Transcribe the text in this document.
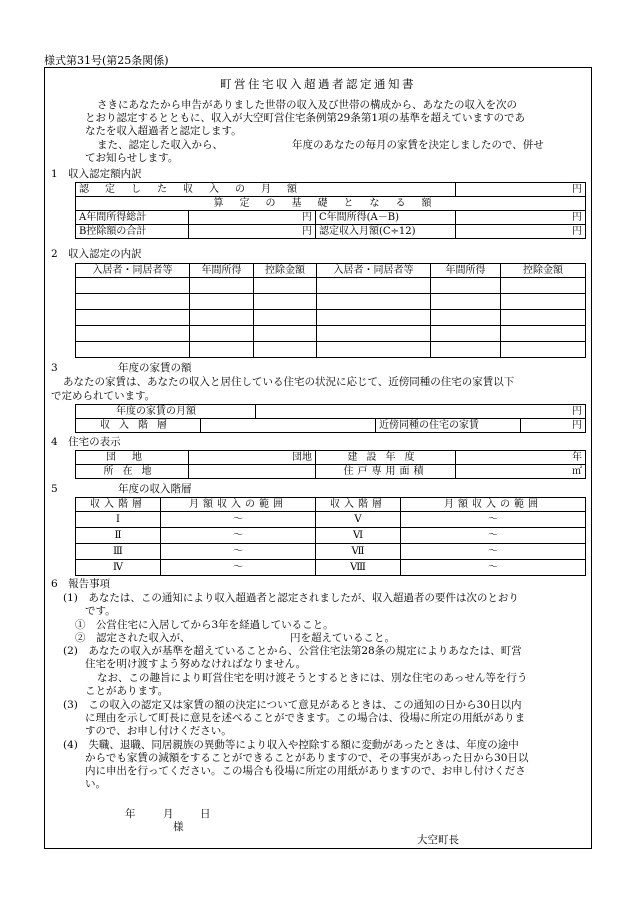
様式第31号(第25条関係)
町営住宅収入超過者認定通知書

さきにあなたから申告がありました世帯の収入及び世帯の構成から、あなたの収入を次の

とおり認定するとともに、収入が大空町営住宅条例第29条第1項の基準を超えていますのであ

なたを収入超過者と認定します。

また、認定した収入から、	年度のあなたの毎月の家賃を決定しましたので、併せ

てお知らせします。

1　収入認定額内訳
認定した収入の月額			円
算定の基礎となる額			
A年間所得総計	円	C年間所得(A－B)	円
B控除額の合計	円	認定収入月額(C÷12)	円
2　収入認定の内訳
入居者・同居者等	年間所得	控除金額	入居者・同居者等	年間所得	控除金額

3	年度の家賃の額

あなたの家賃は、あなたの収入と居住している住宅の状況に応じて、近傍同種の住宅の家賃以下

で定められています。

年度の家賃の月額		円		
収入階層			近傍同種の住宅の家賃	円
4　住宅の表示
団地	団地	建設年度	年
所在地		住戸専用面積	㎡
5	年度の収入階層
収入階層	月額収入の範囲	収入階層	月額収入の範囲
Ⅰ	～	Ⅴ	～
Ⅱ	～	Ⅵ	～
Ⅲ	～	Ⅶ	～
Ⅳ	～	Ⅷ	～
6　報告事項

(1)　あなたは、この通知により収入超過者と認定されましたが、収入超過者の要件は次のとおり

です。

①　公営住宅に入居してから3年を経過していること。

②　認定された収入が、	円を超えていること。

(2)　あなたの収入が基準を超えていることから、公営住宅法第28条の規定によりあなたは、町営

住宅を明け渡すよう努めなければなりません。

なお、この趣旨により町営住宅を明け渡そうとするときには、別な住宅のあっせん等を行う

ことがあります。

(3)　この収入の認定又は家賃の額の決定について意見があるときは、この通知の日から30日以内

に理由を示して町長に意見を述べることができます。この場合は、役場に所定の用紙がありま

すので、お申し付けください。

(4)　失職、退職、同居親族の異動等により収入や控除する額に変動があったときは、年度の途中

からでも家賃の減額をすることができることがありますので、その事実があった日から30日以

内に申出を行ってください。この場合も役場に所定の用紙がありますので、お申し付けくださ

い。

年	月	日
様
大空町長
